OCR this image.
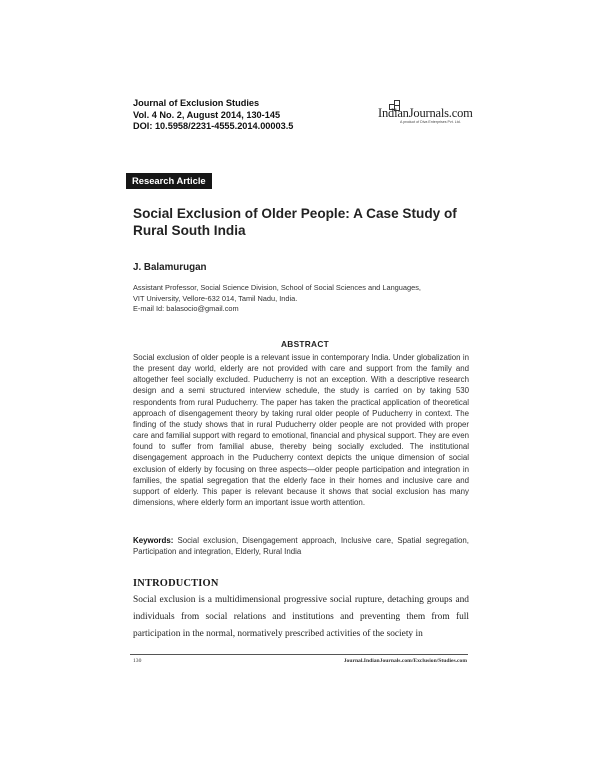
Journal of Exclusion Studies
Vol. 4 No. 2, August 2014, 130-145
DOI: 10.5958/2231-4555.2014.00003.5
IndianJournals.com
A product of Diva Enterprises Pvt. Ltd.
Research Article
Social Exclusion of Older People: A Case Study of Rural South India
J. Balamurugan
Assistant Professor, Social Science Division, School of Social Sciences and Languages,
VIT University, Vellore-632 014, Tamil Nadu, India.
E-mail Id: balasocio@gmail.com
ABSTRACT
Social exclusion of older people is a relevant issue in contemporary India. Under globalization in the present day world, elderly are not provided with care and support from the family and altogether feel socially excluded. Puducherry is not an exception. With a descriptive research design and a semi structured interview schedule, the study is carried on by taking 530 respondents from rural Puducherry. The paper has taken the practical application of theoretical approach of disengagement theory by taking rural older people of Puducherry in context. The finding of the study shows that in rural Puducherry older people are not provided with proper care and familial support with regard to emotional, financial and physical support. They are even found to suffer from familial abuse, thereby being socially excluded. The institutional disengagement approach in the Puducherry context depicts the unique dimension of social exclusion of elderly by focusing on three aspects—older people participation and integration in families, the spatial segregation that the elderly face in their homes and inclusive care and support of elderly. This paper is relevant because it shows that social exclusion has many dimensions, where elderly form an important issue worth attention.
Keywords: Social exclusion, Disengagement approach, Inclusive care, Spatial segregation, Participation and integration, Elderly, Rural India
INTRODUCTION
Social exclusion is a multidimensional progressive social rupture, detaching groups and individuals from social relations and institutions and preventing them from full participation in the normal, normatively prescribed activities of the society in
130	Journal.IndianJournals.com/Exclusion/Studies.com
